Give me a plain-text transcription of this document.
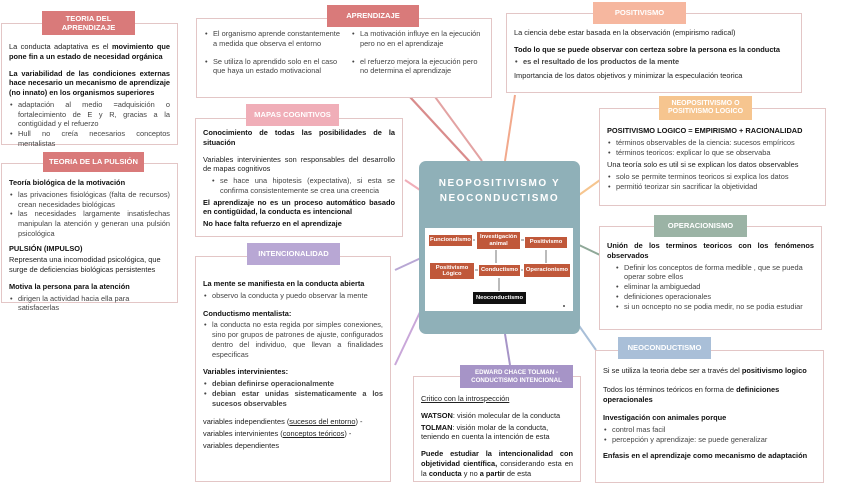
La conducta adaptativa es el movimiento que pone fin a un estado de necesidad orgánica

La variabilidad de las condiciones externas hace necesario un mecanismo de aprendizaje (no innato) en los organismos superiores

• adaptación al medio =adquisición o fortalecimiento de E y R, gracias a la contigüidad y el refuerzo
• Hull no creía necesarios conceptos mentalistas
TEORIA DEL APRENDIZAJE

Teoría biológica de la motivación

• las privaciones fisiológicas (falta de recursos) crean necesidades biológicas
• las necesidades largamente insatisfechas manipulan la atención y generan una pulsión psicológica

PULSIÓN (IMPULSO)

Representa una incomodidad psicológica, que surge de deficiencias biológicas persistentes

Motiva la persona para la atención

• dirigen la actividad hacia ella para satisfacerlas
TEORIA DE LA PULSIÓN
• El organismo aprende constantemente a medida que observa el entorno
• Se utiliza lo aprendido solo en el caso que haya un estado motivacional
• La motivación influye en la ejecución pero no en el aprendizaje
• el refuerzo mejora la ejecución pero no determina el aprendizaje
APRENDIZAJE

Conocimiento de todas las posibilidades de la situación

Variables intervinientes son responsables del desarrollo de mapas cognitivos

• se hace una hipotesis (expectativa), si esta se confirma consistentemente se crea una creencia

El aprendizaje no es un proceso automático basado en contigüidad, la conducta es intencional

No hace falta refuerzo en el aprendizaje

MAPAS COGNITIVOS

La mente se manifiesta en la conducta abierta

• observo la conducta y puedo observar la mente

Conductismo mentalista:

• la conducta no esta regida por simples conexiones, sino por grupos de patrones de ajuste, configurados dentro del individuo, que llevan a finalidades especificas

Variables intervinientes:

• debian definirse operacionalmente
• debian estar unidas sistematicamente a los sucesos observables

variables independientes (sucesos del entorno) -

variables intervinientes (conceptos teóricos) -

variables dependientes

INTENCIONALIDAD
NEOPOSITIVISMO Y NEOCONDUCTISMO
Funcionalismo
Investigación animal	Positivismo
Positivismo Lógico
Conductismo	Operacionismo
Neoconductismo

Critico con la introspección

WATSON: visión molecular de la conducta

TOLMAN: visión molar de la conducta, teniendo en cuenta la intención de esta

Puede estudiar la intencionalidad con objetividad científica, considerando esta en la conducta y no a partir de esta

EDWARD CHACE TOLMAN - CONDUCTISMO INTENCIONAL

La ciencia debe estar basada en la observación (empirismo radical)

Todo lo que se puede observar con certeza sobre la persona es la conducta

• es el resultado de los productos de la mente

Importancia de los datos objetivos y minimizar la especulación teorica

POSITIVISMO

POSITIVISMO LOGICO = EMPIRISMO + RACIONALIDAD

• términos observables de la ciencia: sucesos empíricos
• términos teoricos: explicar lo que se observaba

Una teoría solo es util si se explican los datos observables

• solo se permite terminos teoricos si explica los datos
• permitió teorizar sin sacrificar la objetividad
NEOPOSITIVISMO O POSITIVISMO LOGICO

Unión de los terminos teoricos con los fenómenos observados

• Definir los conceptos de forma medible , que se pueda operar sobre ellos
• eliminar la ambiguedad
• definiciones operacionales
• si un ocncepto no se podia medir, no se podia estudiar
OPERACIONISMO

Si se utiliza la teoria debe ser a través del positivismo logico

Todos los términos teóricos en forma de definiciones operacionales

Investigación con animales porque

• control mas facil
• percepción y aprendizaje: se puede generalizar

Enfasis en el aprendizaje como mecanismo de adaptación

NEOCONDUCTISMO
